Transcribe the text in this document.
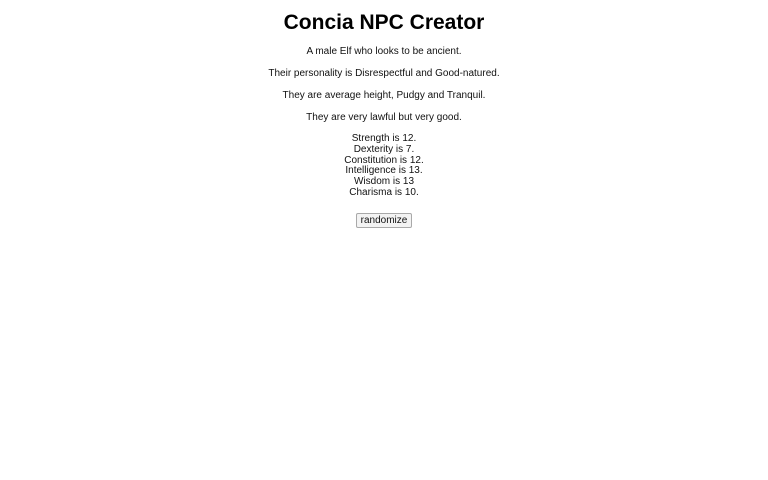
Concia NPC Creator

A male Elf who looks to be ancient.

Their personality is Disrespectful and Good-natured.

They are average height, Pudgy and Tranquil.

They are very lawful but very good.

Strength is 12.
Dexterity is 7.
Constitution is 12.
Intelligence is 13.
Wisdom is 13
Charisma is 10.
randomize
